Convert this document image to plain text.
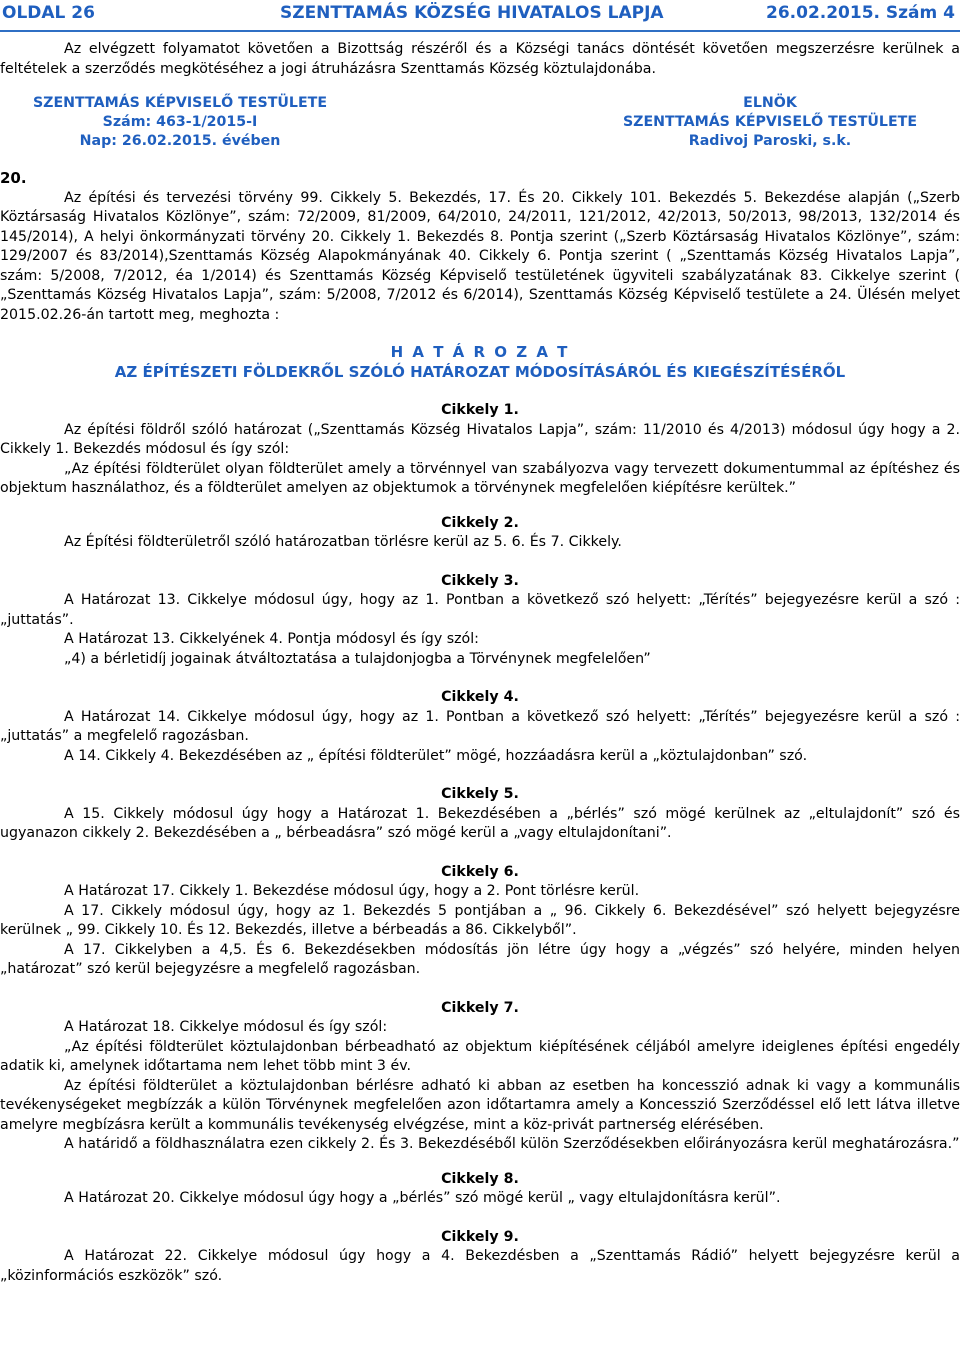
OLDAL 26	SZENTTAMÁS KÖZSÉG HIVATALOS LAPJA	26.02.2015. Szám 4

Az elvégzett folyamatot követően a Bizottság részéről és a Községi tanács döntését követően megszerzésre kerülnek a feltételek a szerződés megkötéséhez a jogi átruházásra Szenttamás Község köztulajdonába.

SZENTTAMÁS KÉPVISELŐ TESTÜLETE
Szám: 463-1/2015-I
Nap: 26.02.2015. évében
ELNÖK
SZENTTAMÁS KÉPVISELŐ TESTÜLETE
Radivoj Paroski, s.k.
20.

Az építési és tervezési törvény 99. Cikkely 5. Bekezdés, 17. És 20. Cikkely 101. Bekezdés 5. Bekezdése alapján („Szerb Köztársaság Hivatalos Közlönye”, szám: 72/2009, 81/2009, 64/2010, 24/2011, 121/2012, 42/2013, 50/2013, 98/2013, 132/2014 és 145/2014), A helyi önkormányzati törvény 20. Cikkely 1. Bekezdés 8. Pontja szerint („Szerb Köztársaság Hivatalos Közlönye”, szám: 129/2007 és 83/2014),Szenttamás Község Alapokmányának 40. Cikkely 6. Pontja szerint ( „Szenttamás Község Hivatalos Lapja”, szám: 5/2008, 7/2012, éa 1/2014) és Szenttamás Község Képviselő testületének ügyviteli szabályzatának 83. Cikkelye szerint ( „Szenttamás Község Hivatalos Lapja”, szám: 5/2008, 7/2012 és 6/2014), Szenttamás Község Képviselő testülete a 24. Ülésén melyet 2015.02.26-án tartott meg, meghozta :

H A T Á R O Z A T
AZ ÉPÍTÉSZETI FÖLDEKRŐL SZÓLÓ HATÁROZAT MÓDOSÍTÁSÁRÓL ÉS KIEGÉSZÍTÉSÉRŐL
Cikkely 1.

Az építési földről szóló határozat („Szenttamás Község Hivatalos Lapja”, szám: 11/2010 és 4/2013) módosul úgy hogy a 2. Cikkely 1. Bekezdés módosul és így szól:

„Az építési földterület olyan földterület amely a törvénnyel van szabályozva vagy tervezett dokumentummal az építéshez és objektum használathoz, és a földterület amelyen az objektumok a törvénynek megfelelően kiépítésre kerültek.”

Cikkely 2.

Az Építési földterületről szóló határozatban törlésre kerül az 5. 6. És 7. Cikkely.

Cikkely 3.

A Határozat 13. Cikkelye módosul úgy, hogy az 1. Pontban a következő szó helyett: „Térítés” bejegyezésre kerül a szó : „juttatás”.

A Határozat 13. Cikkelyének 4. Pontja módosyl és így szól:

„4) a bérletidíj jogainak átváltoztatása a tulajdonjogba a Törvénynek megfelelően”

Cikkely 4.

A Határozat 14. Cikkelye módosul úgy, hogy az 1. Pontban a következő szó helyett: „Térítés” bejegyezésre kerül a szó : „juttatás” a megfelelő ragozásban.

A 14. Cikkely 4. Bekezdésében az „ építési földterület” mögé, hozzáadásra kerül a „köztulajdonban” szó.

Cikkely 5.

A 15. Cikkely módosul úgy hogy a Határozat 1. Bekezdésében a „bérlés” szó mögé kerülnek az „eltulajdonít” szó és ugyanazon cikkely 2. Bekezdésében a „ bérbeadásra” szó mögé kerül a „vagy eltulajdonítani”.

Cikkely 6.

A Határozat 17. Cikkely 1. Bekezdése módosul úgy, hogy a 2. Pont törlésre kerül.

A 17. Cikkely módosul úgy, hogy az 1. Bekezdés 5 pontjában a „ 96. Cikkely 6. Bekezdésével” szó helyett bejegyzésre kerülnek „ 99. Cikkely 10. És 12. Bekezdés, illetve a bérbeadás a 86. Cikkelyből”.

A 17. Cikkelyben a 4,5. És 6. Bekezdésekben módosítás jön létre úgy hogy a „végzés” szó helyére, minden helyen „határozat” szó kerül bejegyzésre a megfelelő ragozásban.

Cikkely 7.

A Határozat 18. Cikkelye módosul és így szól:

„Az építési földterület köztulajdonban bérbeadható az objektum kiépítésének céljából amelyre ideiglenes építési engedély adatik ki, amelynek időtartama nem lehet több mint 3 év.

Az építési földterület a köztulajdonban bérlésre adható ki abban az esetben ha koncesszió adnak ki vagy a kommunális tevékenységeket megbízzák a külön Törvénynek megfelelően azon időtartamra amely a Koncesszió Szerződéssel elő lett látva illetve amelyre megbízásra került a kommunális tevékenység elvégzése, mint a köz-privát partnerség elérésében.

A határidő a földhasználatra ezen cikkely 2. És 3. Bekezdéséből külön Szerződésekben előirányozásra kerül meghatározásra.”

Cikkely 8.

A Határozat 20. Cikkelye módosul úgy hogy a „bérlés” szó mögé kerül „ vagy eltulajdonításra kerül”.

Cikkely 9.

A Határozat 22. Cikkelye módosul úgy hogy a 4. Bekezdésben a „Szenttamás Rádió” helyett bejegyzésre kerül a „közinformációs eszközök” szó.
